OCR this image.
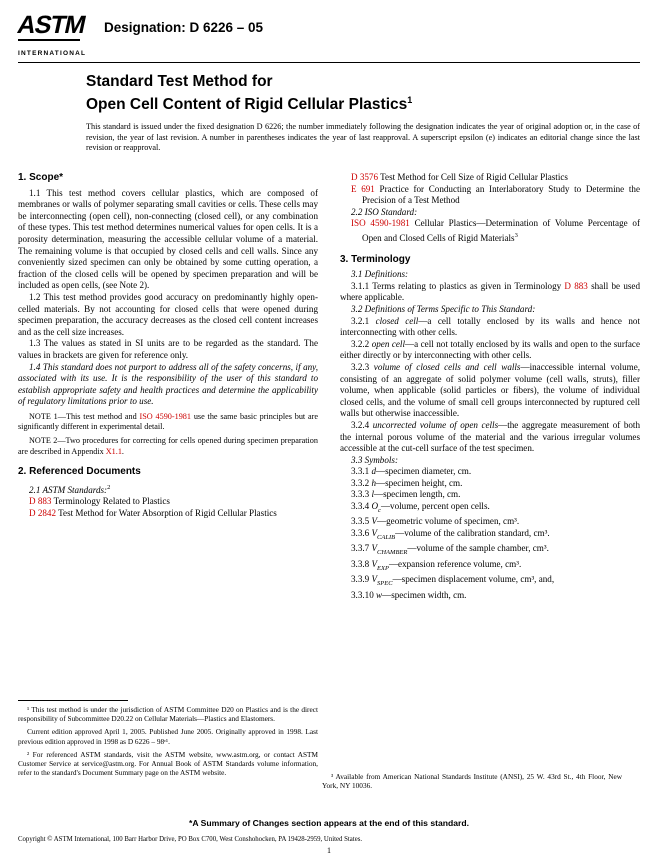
ASTM
INTERNATIONAL
Designation: D 6226 – 05
Standard Test Method for
Open Cell Content of Rigid Cellular Plastics$^1$
This standard is issued under the fixed designation D 6226; the number immediately following the designation indicates the year of original adoption or, in the case of revision, the year of last revision. A number in parentheses indicates the year of last reapproval. A superscript epsilon (e) indicates an editorial change since the last revision or reapproval.
1. Scope*

1.1 This test method covers cellular plastics, which are composed of membranes or walls of polymer separating small cavities or cells. These cells may be interconnecting (open cell), non-connecting (closed cell), or any combination of these types. This test method determines numerical values for open cells. It is a porosity determination, measuring the accessible cellular volume of a material. The remaining volume is that occupied by closed cells and cell walls. Since any conveniently sized specimen can only be obtained by some cutting operation, a fraction of the closed cells will be opened by specimen preparation and will be included as open cells, (see Note 2).

1.2 This test method provides good accuracy on predominantly highly open-celled materials. By not accounting for closed cells that were opened during specimen preparation, the accuracy decreases as the closed cell content increases and as the cell size increases.

1.3 The values as stated in SI units are to be regarded as the standard. The values in brackets are given for reference only.

1.4 This standard does not purport to address all of the safety concerns, if any, associated with its use. It is the responsibility of the user of this standard to establish appropriate safety and health practices and determine the applicability of regulatory limitations prior to use.

NOTE 1—This test method and ISO 4590-1981 use the same basic principles but are significantly different in experimental detail.

NOTE 2—Two procedures for correcting for cells opened during specimen preparation are described in Appendix X1.1.

2. Referenced Documents

2.1 ASTM Standards:$^2$

D 883 Terminology Related to Plastics

D 2842 Test Method for Water Absorption of Rigid Cellular Plastics

D 3576 Test Method for Cell Size of Rigid Cellular Plastics

E 691 Practice for Conducting an Interlaboratory Study to Determine the Precision of a Test Method

2.2 ISO Standard:

ISO 4590-1981 Cellular Plastics—Determination of Volume Percentage of Open and Closed Cells of Rigid Materials$^3$

3. Terminology

3.1 Definitions:

3.1.1 Terms relating to plastics as given in Terminology D 883 shall be used where applicable.

3.2 Definitions of Terms Specific to This Standard:

3.2.1 closed cell—a cell totally enclosed by its walls and hence not interconnecting with other cells.

3.2.2 open cell—a cell not totally enclosed by its walls and open to the surface either directly or by interconnecting with other cells.

3.2.3 volume of closed cells and cell walls—inaccessible internal volume, consisting of an aggregate of solid polymer volume (cell walls, struts), filler volume, when applicable (solid particles or fibers), the volume of individual closed cells, and the volume of small cell groups interconnected by ruptured cell walls but otherwise inaccessible.

3.2.4 uncorrected volume of open cells—the aggregate measurement of both the internal porous volume of the material and the various irregular volumes accessible at the cut-cell surface of the test specimen.

3.3 Symbols:

3.3.1 d—specimen diameter, cm.

3.3.2 h—specimen height, cm.

3.3.3 l—specimen length, cm.

3.3.4 $O_c—volume$, percent open cells.

3.3.5 V—geometric volume of specimen, cm³.

3.3.6 $V_{CALIB}—volume$ of the calibration standard, cm³.

3.3.7 $V_{CHAMBER}—volume$ of the sample chamber, cm³.

3.3.8 $V_{EXP}—expansion$ reference volume, cm³.

3.3.9 $V_{SPEC}—specimen$ displacement volume, cm³, and,

3.3.10 w—specimen width, cm.

¹ This test method is under the jurisdiction of ASTM Committee D20 on Plastics and is the direct responsibility of Subcommittee D20.22 on Cellular Materials—Plastics and Elastomers.

Current edition approved April 1, 2005. Published June 2005. Originally approved in 1998. Last previous edition approved in 1998 as D 6226 – 98ᵋ¹.

² For referenced ASTM standards, visit the ASTM website, www.astm.org, or contact ASTM Customer Service at service@astm.org. For Annual Book of ASTM Standards volume information, refer to the standard's Document Summary page on the ASTM website.	³ Available from American National Standards Institute (ANSI), 25 W. 43rd St., 4th Floor, New York, NY 10036.

*A Summary of Changes section appears at the end of this standard.
Copyright © ASTM International, 100 Barr Harbor Drive, PO Box C700, West Conshohocken, PA 19428-2959, United States.
1
